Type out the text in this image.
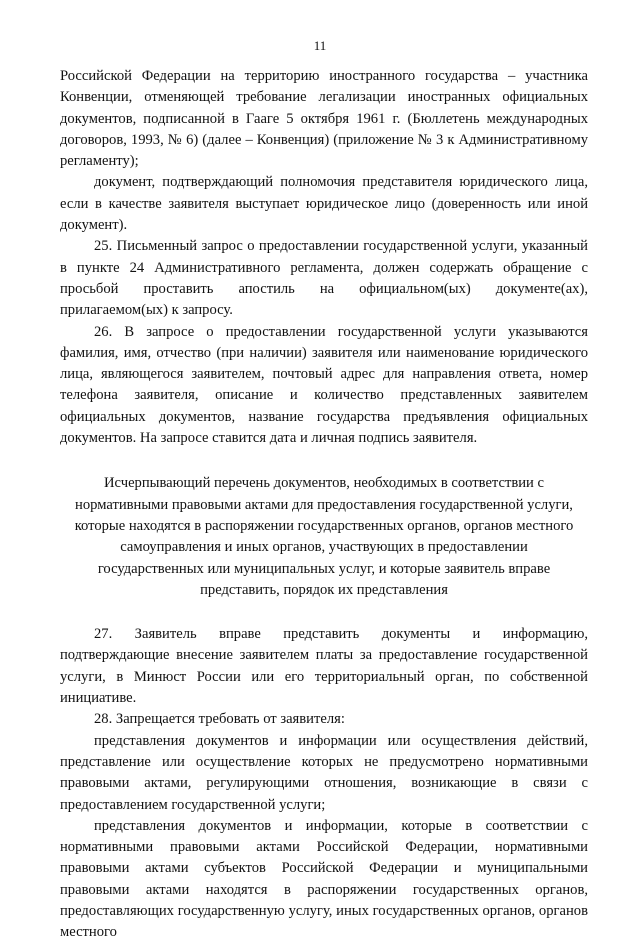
11

Российской Федерации на территорию иностранного государства – участника Конвенции, отменяющей требование легализации иностранных официальных документов, подписанной в Гааге 5 октября 1961 г. (Бюллетень международных договоров, 1993, № 6) (далее – Конвенция) (приложение № 3 к Административному регламенту);

документ, подтверждающий полномочия представителя юридического лица, если в качестве заявителя выступает юридическое лицо (доверенность или иной документ).

25. Письменный запрос о предоставлении государственной услуги, указанный в пункте 24 Административного регламента, должен содержать обращение с просьбой проставить апостиль на официальном(ых) документе(ах), прилагаемом(ых) к запросу.

26. В запросе о предоставлении государственной услуги указываются фамилия, имя, отчество (при наличии) заявителя или наименование юридического лица, являющегося заявителем, почтовый адрес для направления ответа, номер телефона заявителя, описание и количество представленных заявителем официальных документов, название государства предъявления официальных документов. На запросе ставится дата и личная подпись заявителя.

Исчерпывающий перечень документов, необходимых в соответствии с нормативными правовыми актами для предоставления государственной услуги, которые находятся в распоряжении государственных органов, органов местного самоуправления и иных органов, участвующих в предоставлении государственных или муниципальных услуг, и которые заявитель вправе представить, порядок их представления

27. Заявитель вправе представить документы и информацию, подтверждающие внесение заявителем платы за предоставление государственной услуги, в Минюст России или его территориальный орган, по собственной инициативе.

28. Запрещается требовать от заявителя:

представления документов и информации или осуществления действий, представление или осуществление которых не предусмотрено нормативными правовыми актами, регулирующими отношения, возникающие в связи с предоставлением государственной услуги;

представления документов и информации, которые в соответствии с нормативными правовыми актами Российской Федерации, нормативными правовыми актами субъектов Российской Федерации и муниципальными правовыми актами находятся в распоряжении государственных органов, предоставляющих государственную услугу, иных государственных органов, органов местного
